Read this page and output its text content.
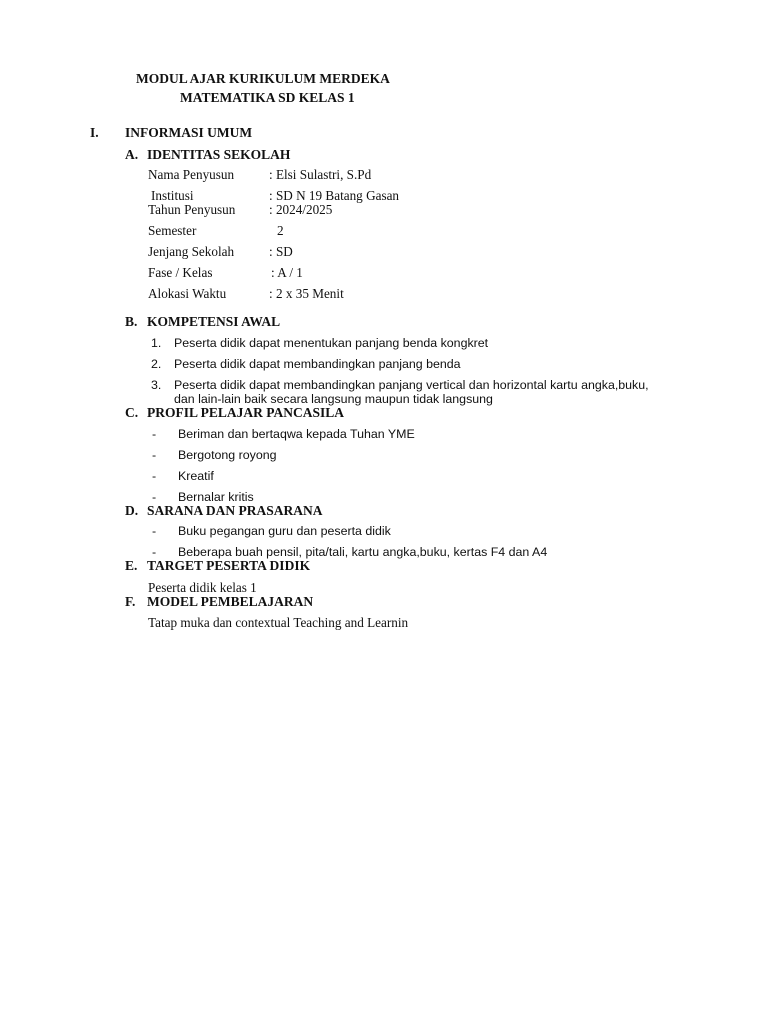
MODUL AJAR KURIKULUM MERDEKA
MATEMATIKA SD KELAS 1
I. INFORMASI UMUM
A. IDENTITAS SEKOLAH
Nama Penyusun	: Elsi Sulastri, S.Pd
Institusi	: SD N 19 Batang Gasan
Tahun Penyusun	: 2024/2025
Semester	2
Jenjang Sekolah	: SD
Fase / Kelas	: A / 1
Alokasi Waktu	: 2 x 35 Menit
B. KOMPETENSI AWAL
1. Peserta didik dapat menentukan panjang benda kongkret
2. Peserta didik dapat membandingkan panjang benda
3. Peserta didik dapat membandingkan panjang vertical dan horizontal kartu angka,buku,
dan lain-lain baik secara langsung maupun tidak langsung
C. PROFIL PELAJAR PANCASILA
- Beriman dan bertaqwa kepada Tuhan YME
- Bergotong royong
- Kreatif
- Bernalar kritis
D. SARANA DAN PRASARANA
- Buku pegangan guru dan peserta didik
- Beberapa buah pensil, pita/tali, kartu angka,buku, kertas F4 dan A4
E. TARGET PESERTA DIDIK
Peserta didik kelas 1
F. MODEL PEMBELAJARAN
Tatap muka dan contextual Teaching and Learnin
